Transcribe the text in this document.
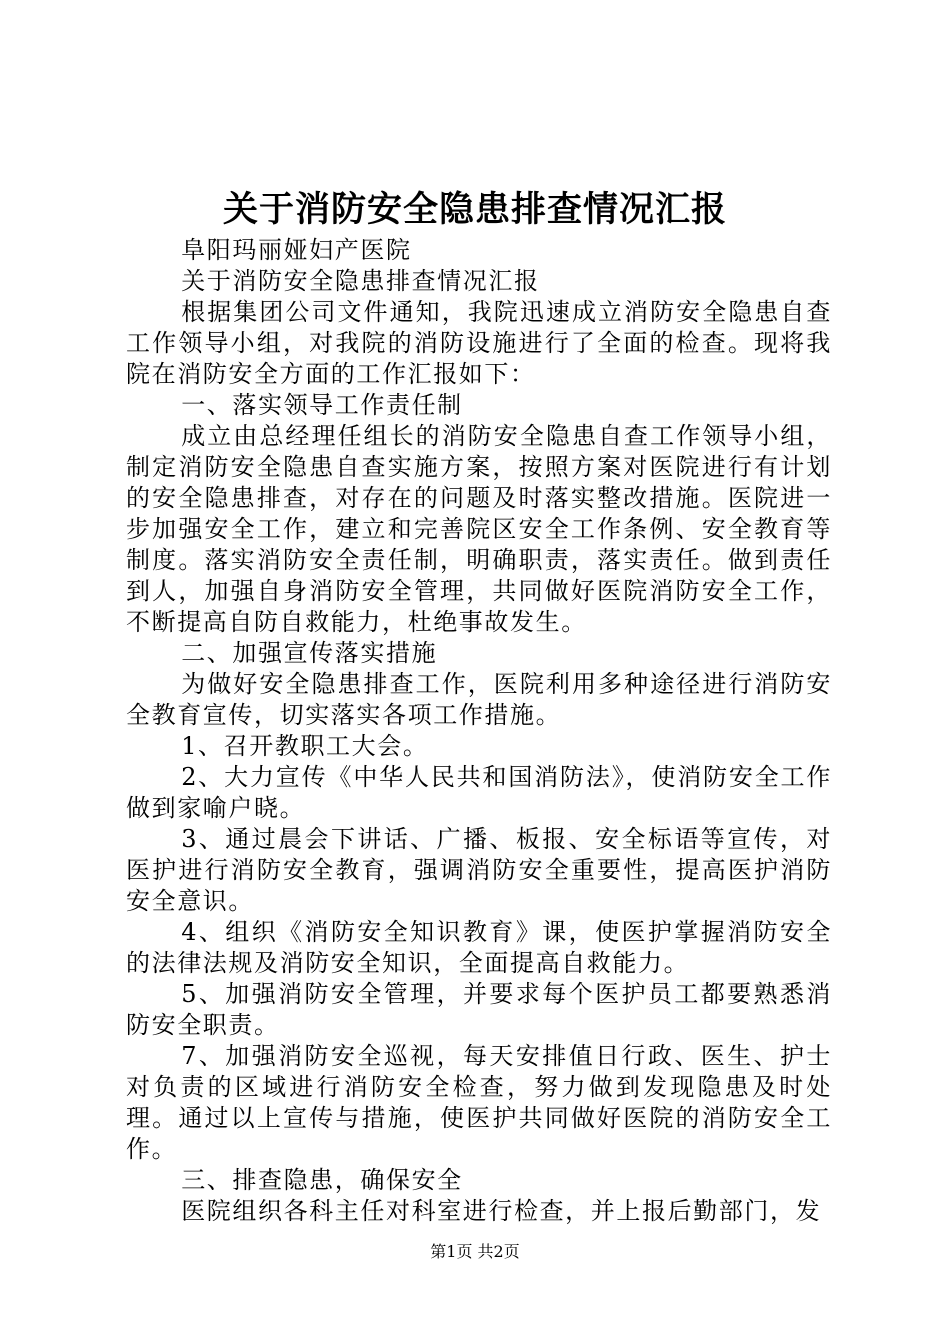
关于消防安全隐患排查情况汇报

阜阳玛丽娅妇产医院

关于消防安全隐患排查情况汇报

根据集团公司文件通知，我院迅速成立消防安全隐患自查工作领导小组，对我院的消防设施进行了全面的检查。现将我院在消防安全方面的工作汇报如下：

一、落实领导工作责任制

成立由总经理任组长的消防安全隐患自查工作领导小组，制定消防安全隐患自查实施方案，按照方案对医院进行有计划的安全隐患排查，对存在的问题及时落实整改措施。医院进一步加强安全工作，建立和完善院区安全工作条例、安全教育等制度。落实消防安全责任制，明确职责，落实责任。做到责任到人，加强自身消防安全管理，共同做好医院消防安全工作，不断提高自防自救能力，杜绝事故发生。

二、加强宣传落实措施

为做好安全隐患排查工作，医院利用多种途径进行消防安全教育宣传，切实落实各项工作措施。

1、召开教职工大会。

2、大力宣传《中华人民共和国消防法》，使消防安全工作做到家喻户晓。

3、通过晨会下讲话、广播、板报、安全标语等宣传，对医护进行消防安全教育，强调消防安全重要性，提高医护消防安全意识。

4、组织《消防安全知识教育》课，使医护掌握消防安全的法律法规及消防安全知识，全面提高自救能力。

5、加强消防安全管理，并要求每个医护员工都要熟悉消防安全职责。

7、加强消防安全巡视，每天安排值日行政、医生、护士对负责的区域进行消防安全检查，努力做到发现隐患及时处理。通过以上宣传与措施，使医护共同做好医院的消防安全工作。

三、排查隐患，确保安全

医院组织各科主任对科室进行检查，并上报后勤部门，发

第1页 共2页
